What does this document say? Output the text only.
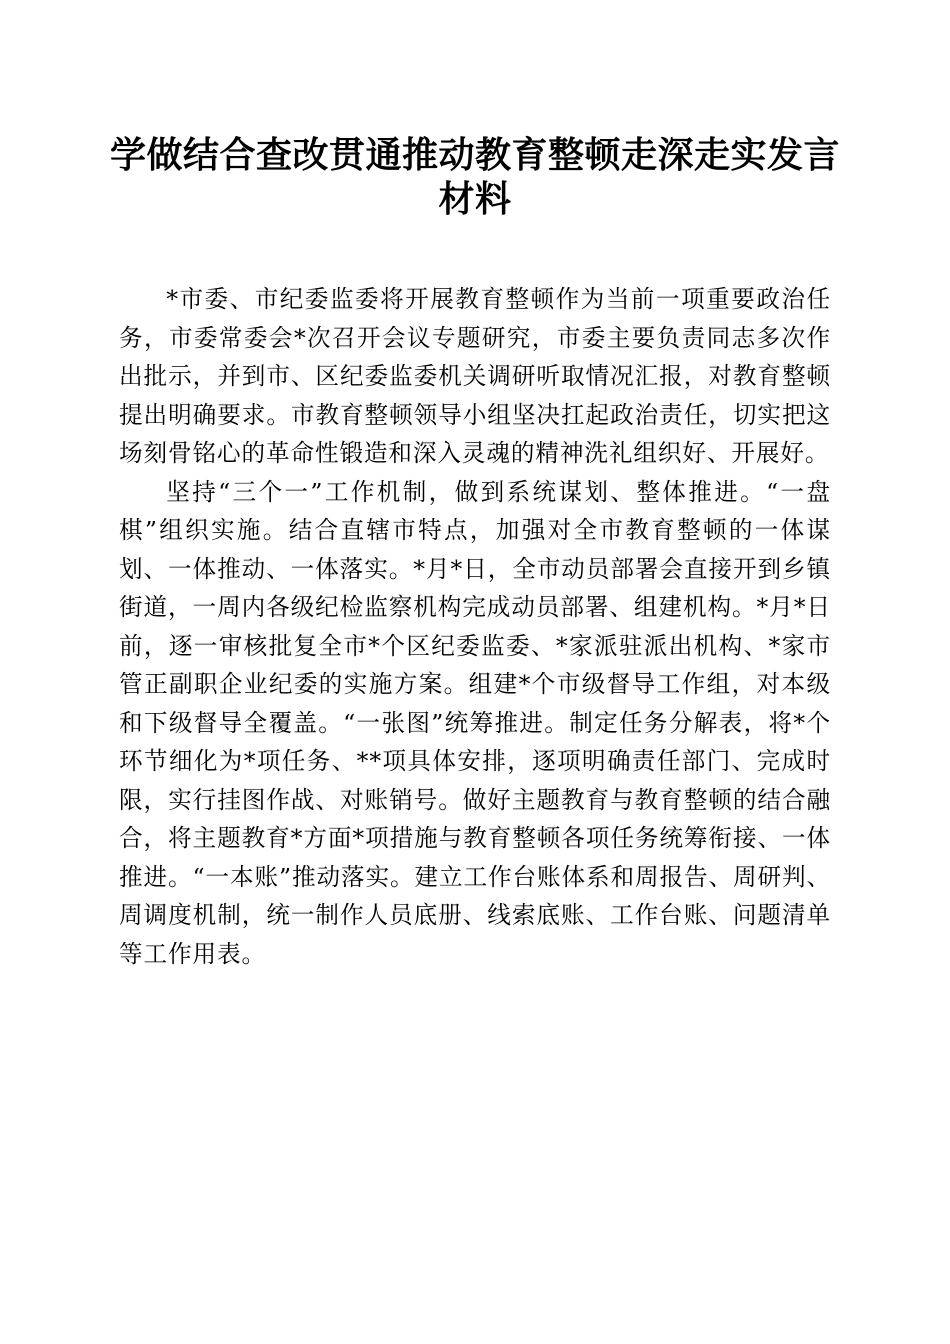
学做结合查改贯通推动教育整顿走深走实发言材料

*市委、市纪委监委将开展教育整顿作为当前一项重要政治任务，市委常委会*次召开会议专题研究，市委主要负责同志多次作出批示，并到市、区纪委监委机关调研听取情况汇报，对教育整顿提出明确要求。市教育整顿领导小组坚决扛起政治责任，切实把这场刻骨铭心的革命性锻造和深入灵魂的精神洗礼组织好、开展好。

坚持“三个一”工作机制，做到系统谋划、整体推进。“一盘棋”组织实施。结合直辖市特点，加强对全市教育整顿的一体谋划、一体推动、一体落实。*月*日，全市动员部署会直接开到乡镇街道，一周内各级纪检监察机构完成动员部署、组建机构。*月*日前，逐一审核批复全市*个区纪委监委、*家派驻派出机构、*家市管正副职企业纪委的实施方案。组建*个市级督导工作组，对本级和下级督导全覆盖。“一张图”统筹推进。制定任务分解表，将*个环节细化为*项任务、**项具体安排，逐项明确责任部门、完成时限，实行挂图作战、对账销号。做好主题教育与教育整顿的结合融合，将主题教育*方面*项措施与教育整顿各项任务统筹衔接、一体推进。“一本账”推动落实。建立工作台账体系和周报告、周研判、周调度机制，统一制作人员底册、线索底账、工作台账、问题清单等工作用表。
